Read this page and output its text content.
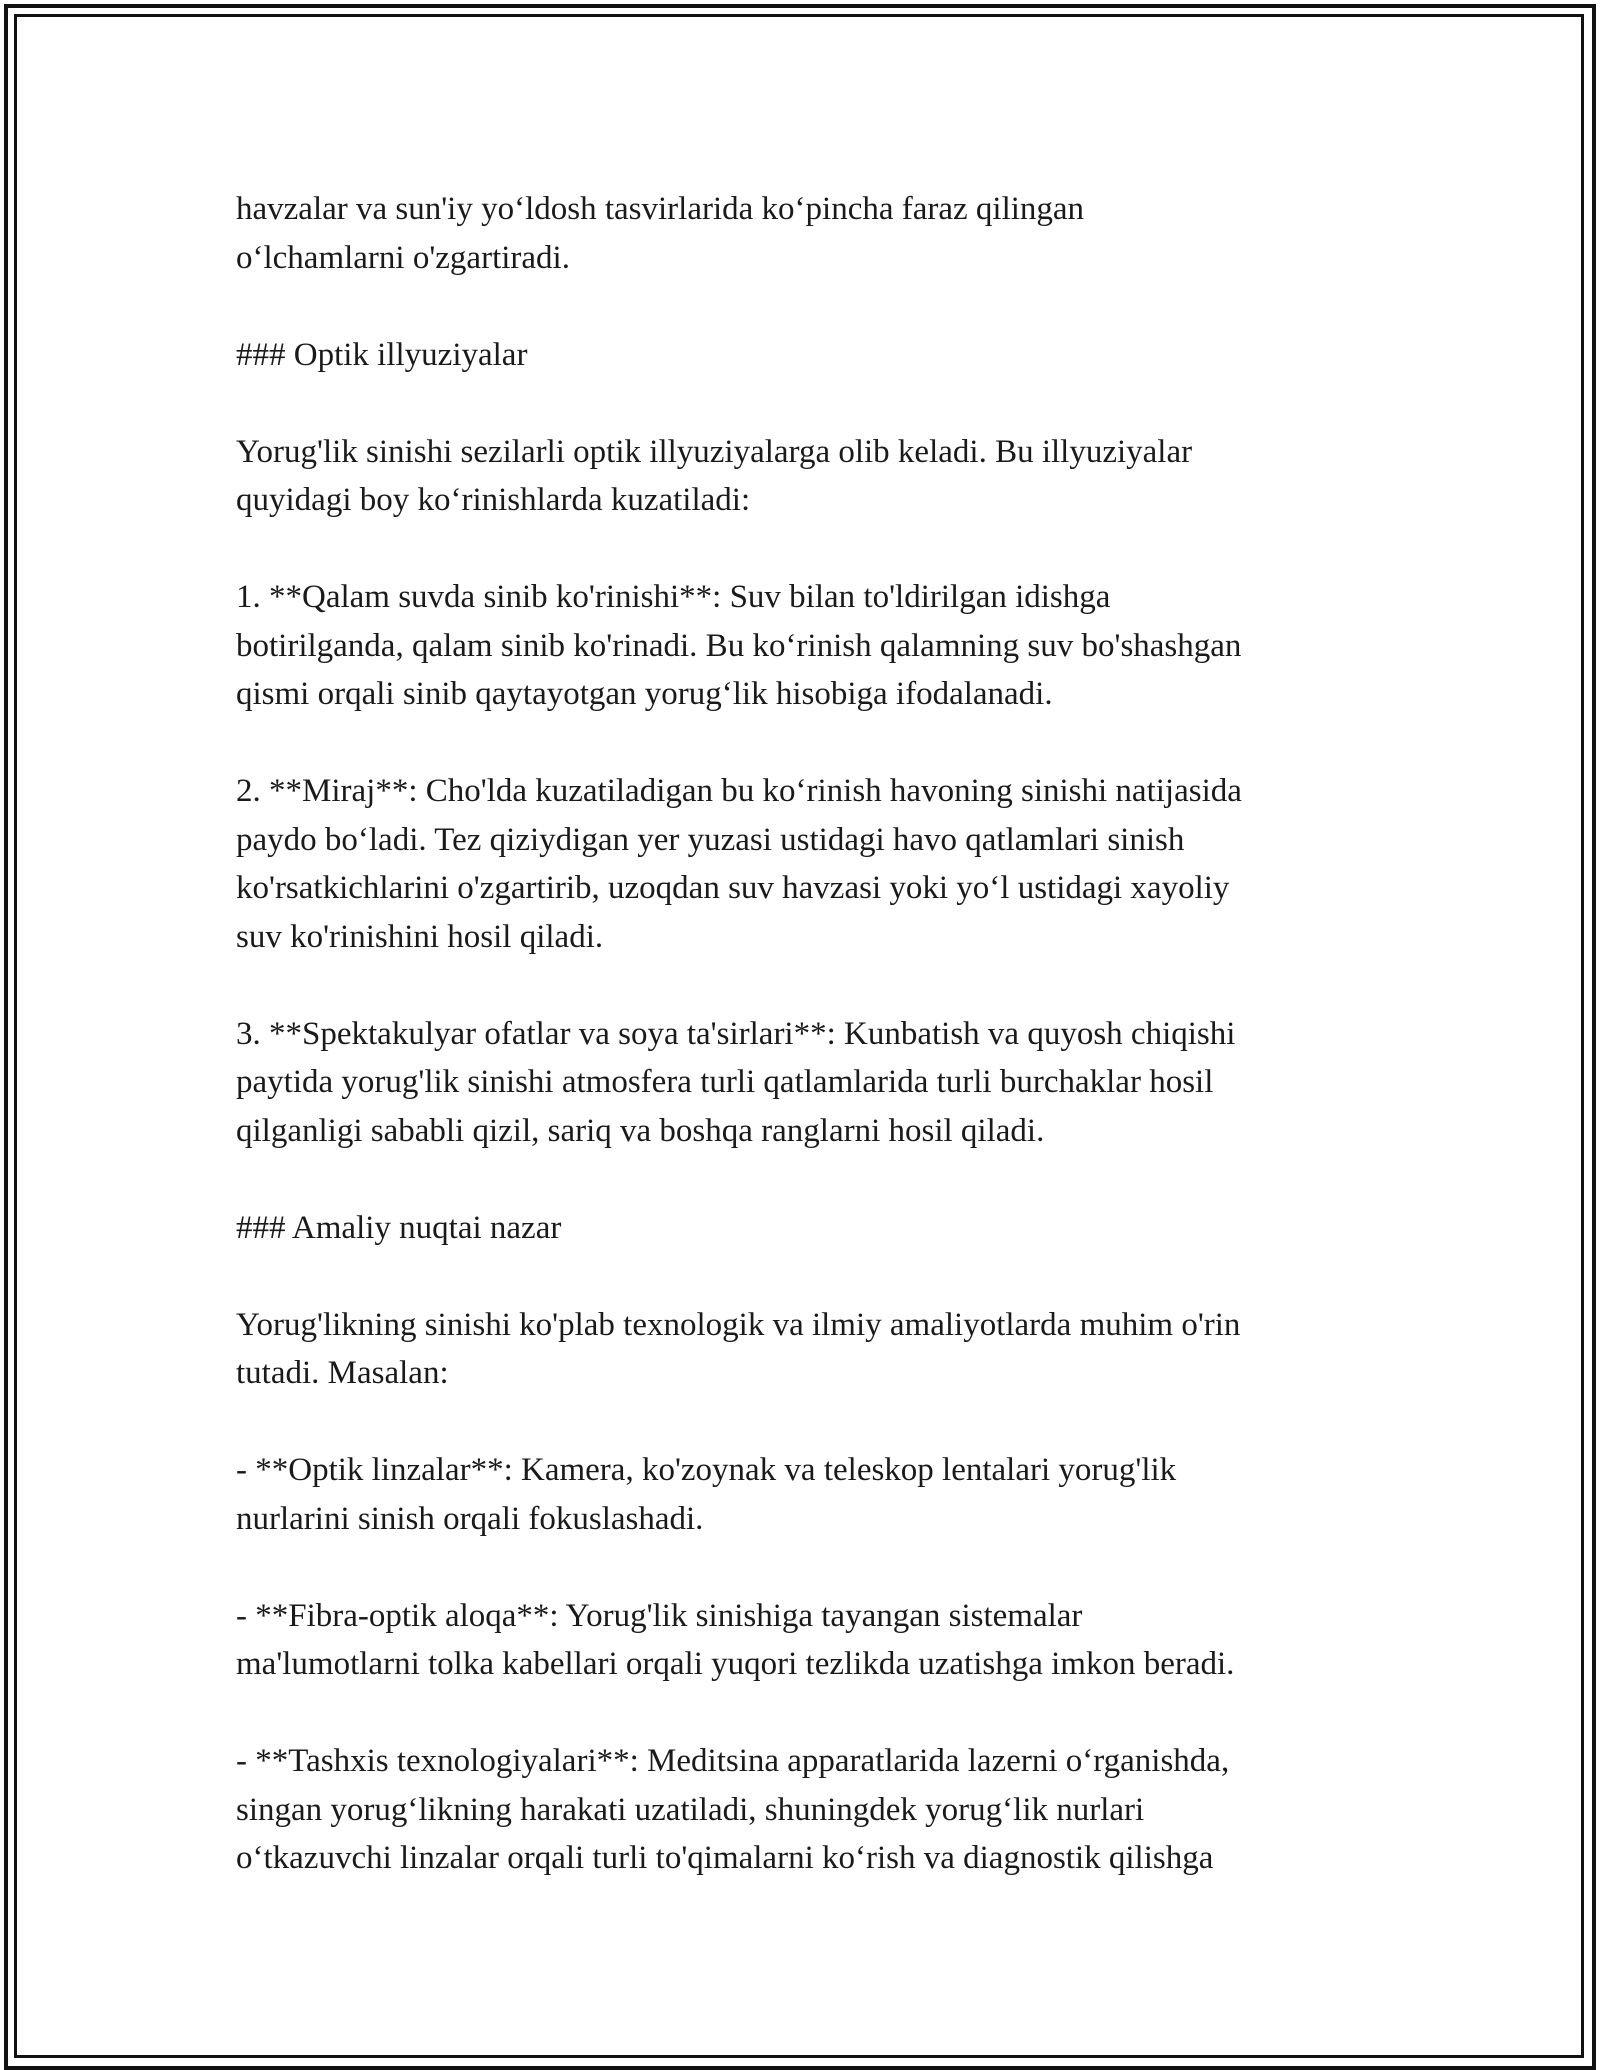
havzalar va sun'iy yo‘ldosh tasvirlarida ko‘pincha faraz qilingan
o‘lchamlarni o'zgartiradi.
### Optik illyuziyalar
Yorug'lik sinishi sezilarli optik illyuziyalarga olib keladi. Bu illyuziyalar
quyidagi boy ko‘rinishlarda kuzatiladi:
1. **Qalam suvda sinib ko'rinishi**: Suv bilan to'ldirilgan idishga
botirilganda, qalam sinib ko'rinadi. Bu ko‘rinish qalamning suv bo'shashgan
qismi orqali sinib qaytayotgan yorug‘lik hisobiga ifodalanadi.
2. **Miraj**: Cho'lda kuzatiladigan bu ko‘rinish havoning sinishi natijasida
paydo bo‘ladi. Tez qiziydigan yer yuzasi ustidagi havo qatlamlari sinish
ko'rsatkichlarini o'zgartirib, uzoqdan suv havzasi yoki yo‘l ustidagi xayoliy
suv ko'rinishini hosil qiladi.
3. **Spektakulyar ofatlar va soya ta'sirlari**: Kunbatish va quyosh chiqishi
paytida yorug'lik sinishi atmosfera turli qatlamlarida turli burchaklar hosil
qilganligi sababli qizil, sariq va boshqa ranglarni hosil qiladi.
### Amaliy nuqtai nazar
Yorug'likning sinishi ko'plab texnologik va ilmiy amaliyotlarda muhim o'rin
tutadi. Masalan:
- **Optik linzalar**: Kamera, ko'zoynak va teleskop lentalari yorug'lik
nurlarini sinish orqali fokuslashadi.
- **Fibra-optik aloqa**: Yorug'lik sinishiga tayangan sistemalar
ma'lumotlarni tolka kabellari orqali yuqori tezlikda uzatishga imkon beradi.
- **Tashxis texnologiyalari**: Meditsina apparatlarida lazerni o‘rganishda,
singan yorug‘likning harakati uzatiladi, shuningdek yorug‘lik nurlari
o‘tkazuvchi linzalar orqali turli to'qimalarni ko‘rish va diagnostik qilishga
